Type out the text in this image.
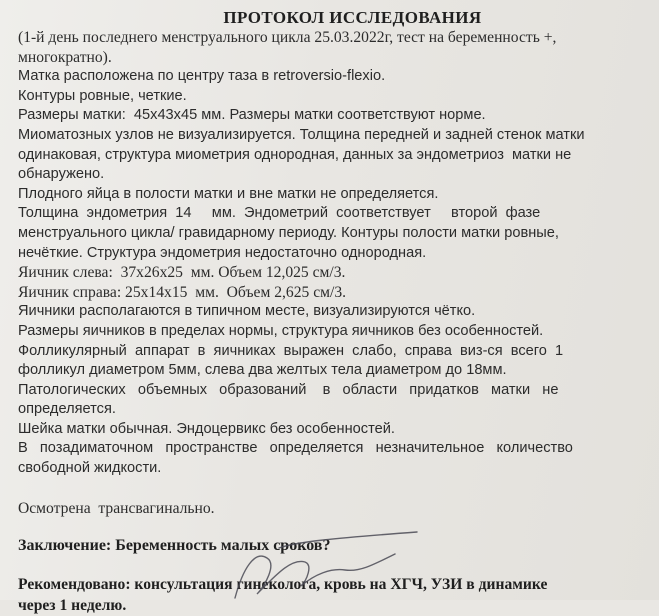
ПРОТОКОЛ ИССЛЕДОВАНИЯ
(1-й день последнего менструального цикла 25.03.2022г, тест на беременность +,
многократно).
Матка расположена по центру таза в retroversio-flexio.
Контуры ровные, четкие.
Размеры матки:  45x43x45 мм. Размеры матки соответствуют норме.
Миоматозных узлов не визуализируется. Толщина передней и задней стенок матки
одинаковая, структура миометрия однородная, данных за эндометриоз  матки не
обнаружено.
Плодного яйца в полости матки и вне матки не определяется.
Толщина  эндометрия  14     мм.  Эндометрий  соответствует     второй  фазе
менструального цикла/ гравидарному периоду. Контуры полости матки ровные,
нечёткие. Структура эндометрия недостаточно однородная.
Яичник слева:  37x26x25  мм. Объем 12,025 см/3.
Яичник справа: 25x14x15  мм.  Объем 2,625 см/3.
Яичники располагаются в типичном месте, визуализируются чётко.
Размеры яичников в пределах нормы, структура яичников без особенностей.
Фолликулярный  аппарат  в  яичниках  выражен  слабо,  справа  виз-ся  всего  1
фолликул диаметром 5мм, слева два желтых тела диаметром до 18мм.
Патологических   объемных   образований    в   области   придатков   матки   не
определяется.
Шейка матки обычная. Эндоцервикс без особенностей.
В   позадиматочном   пространстве   определяется   незначительное   количество
свободной жидкости.
Осмотрена  трансвагинально.
Заключение: Беременность малых сроков?
Рекомендовано: консультация гинеколога, кровь на ХГЧ, УЗИ в динамике
через 1 неделю.
